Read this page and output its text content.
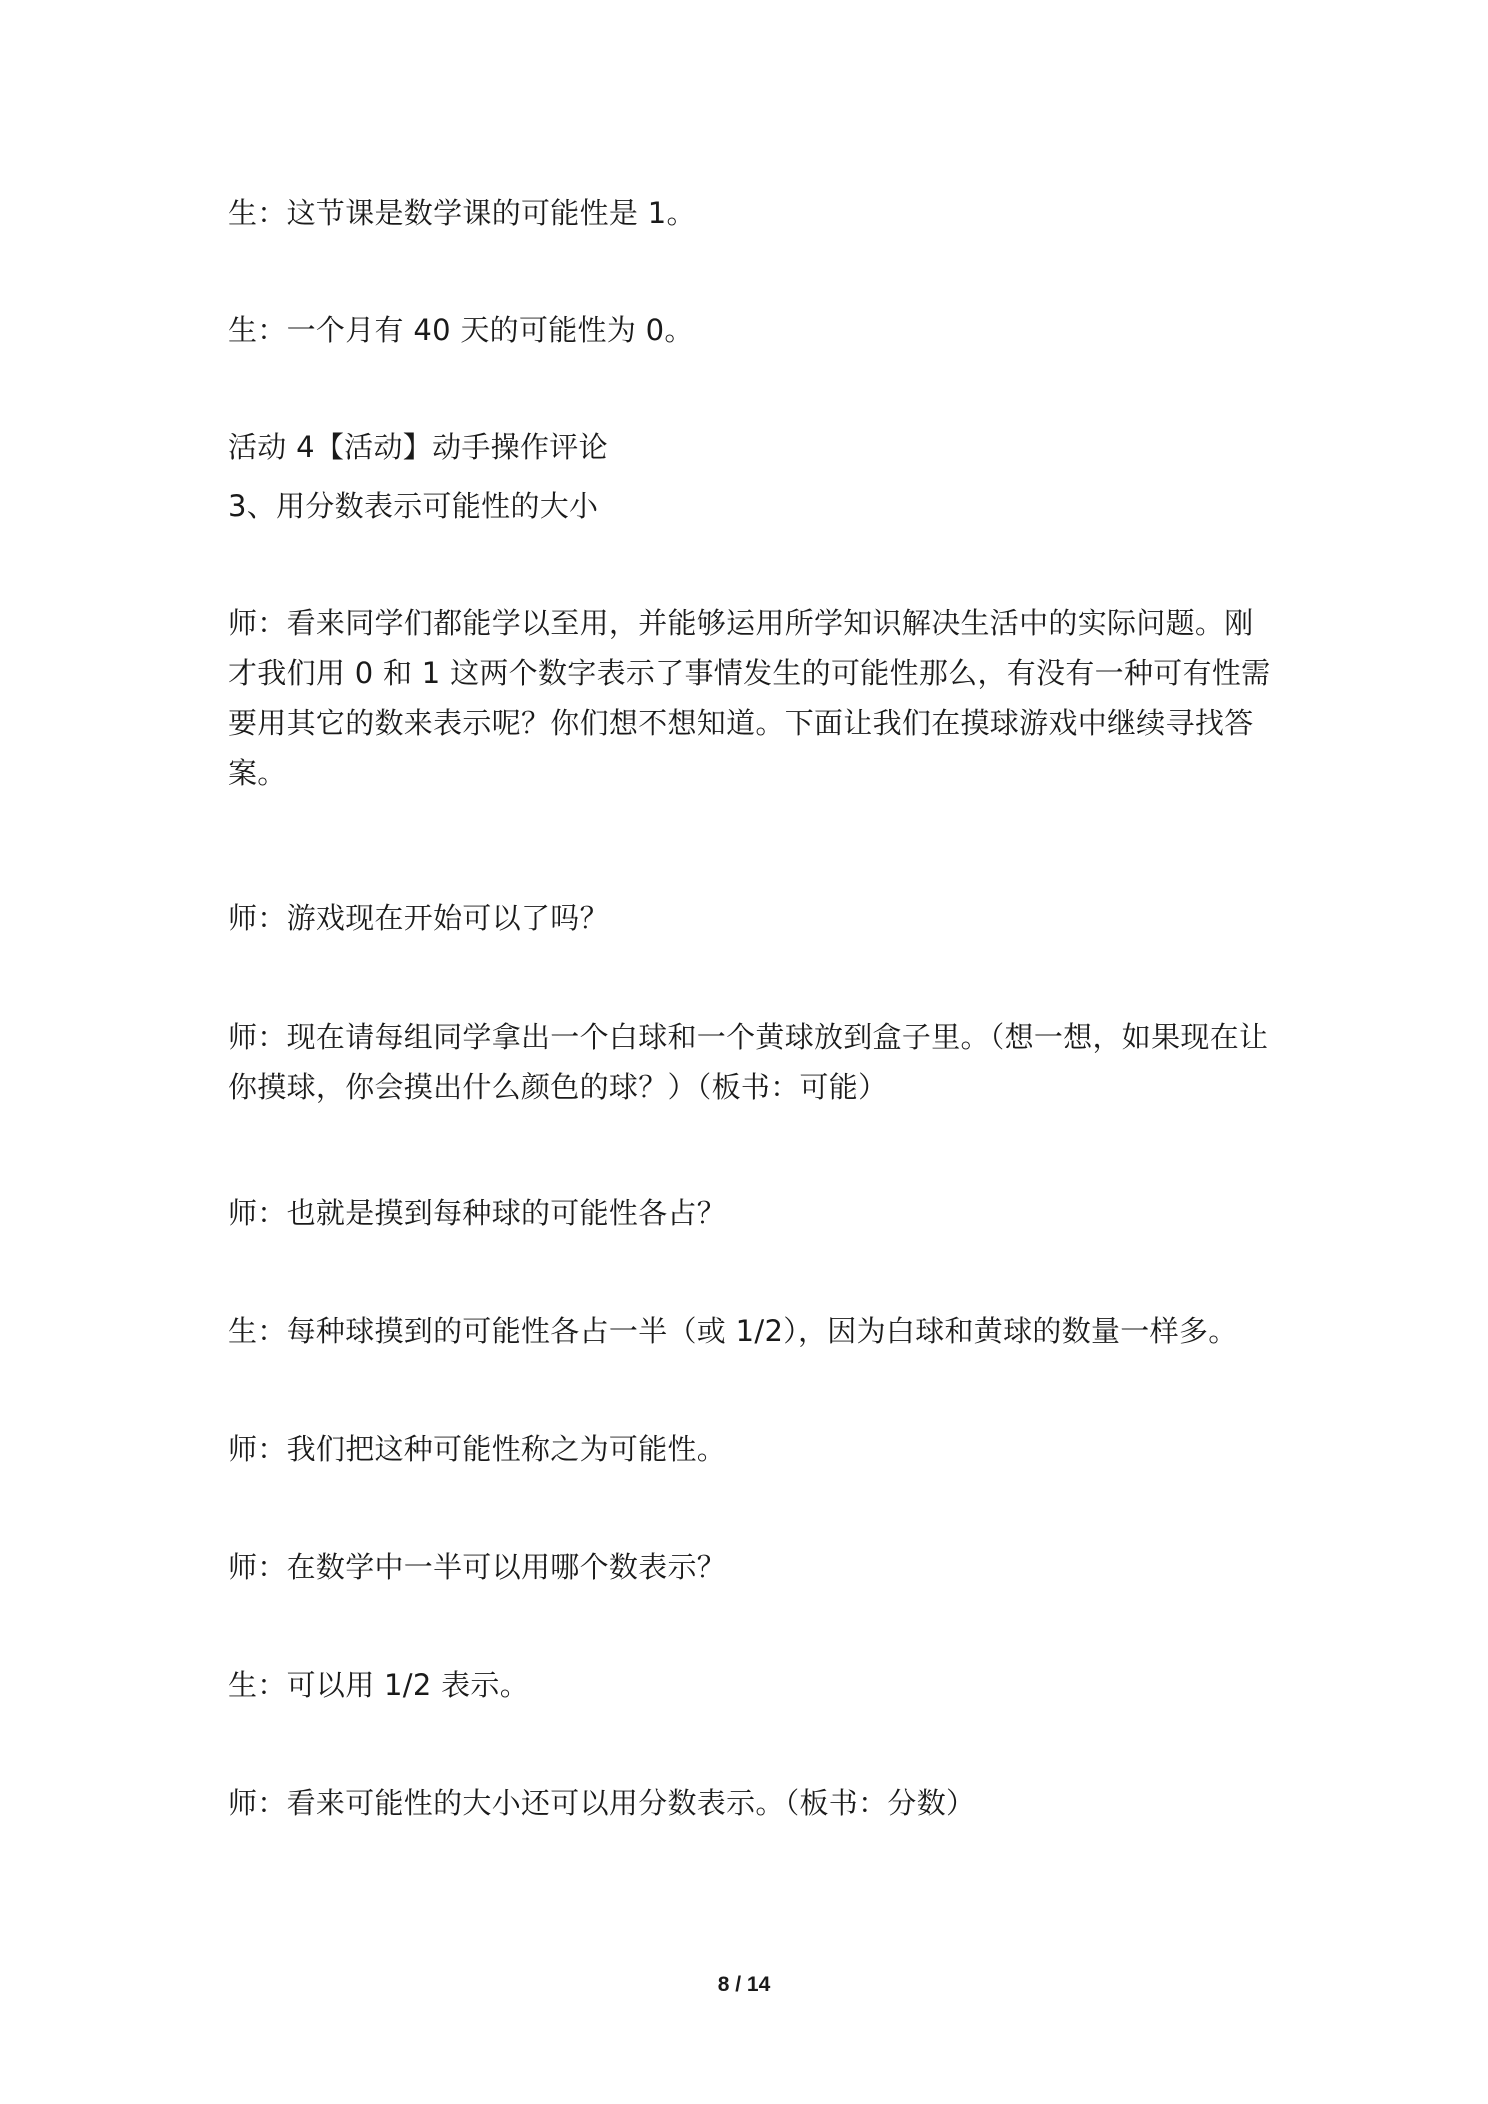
生：这节课是数学课的可能性是 1。
生：一个月有 40 天的可能性为 0。
活动 4【活动】动手操作评论
3、用分数表示可能性的大小
师：看来同学们都能学以至用，并能够运用所学知识解决生活中的实际问题。刚才我们用 0 和 1 这两个数字表示了事情发生的可能性那么，有没有一种可有性需要用其它的数来表示呢？你们想不想知道。下面让我们在摸球游戏中继续寻找答案。
师：游戏现在开始可以了吗？
师：现在请每组同学拿出一个白球和一个黄球放到盒子里。（想一想，如果现在让你摸球，你会摸出什么颜色的球？）（板书：可能）
师：也就是摸到每种球的可能性各占？
生：每种球摸到的可能性各占一半（或 1/2），因为白球和黄球的数量一样多。
师：我们把这种可能性称之为可能性。
师：在数学中一半可以用哪个数表示？
生：可以用 1/2 表示。
师：看来可能性的大小还可以用分数表示。（板书：分数）
8 / 14
